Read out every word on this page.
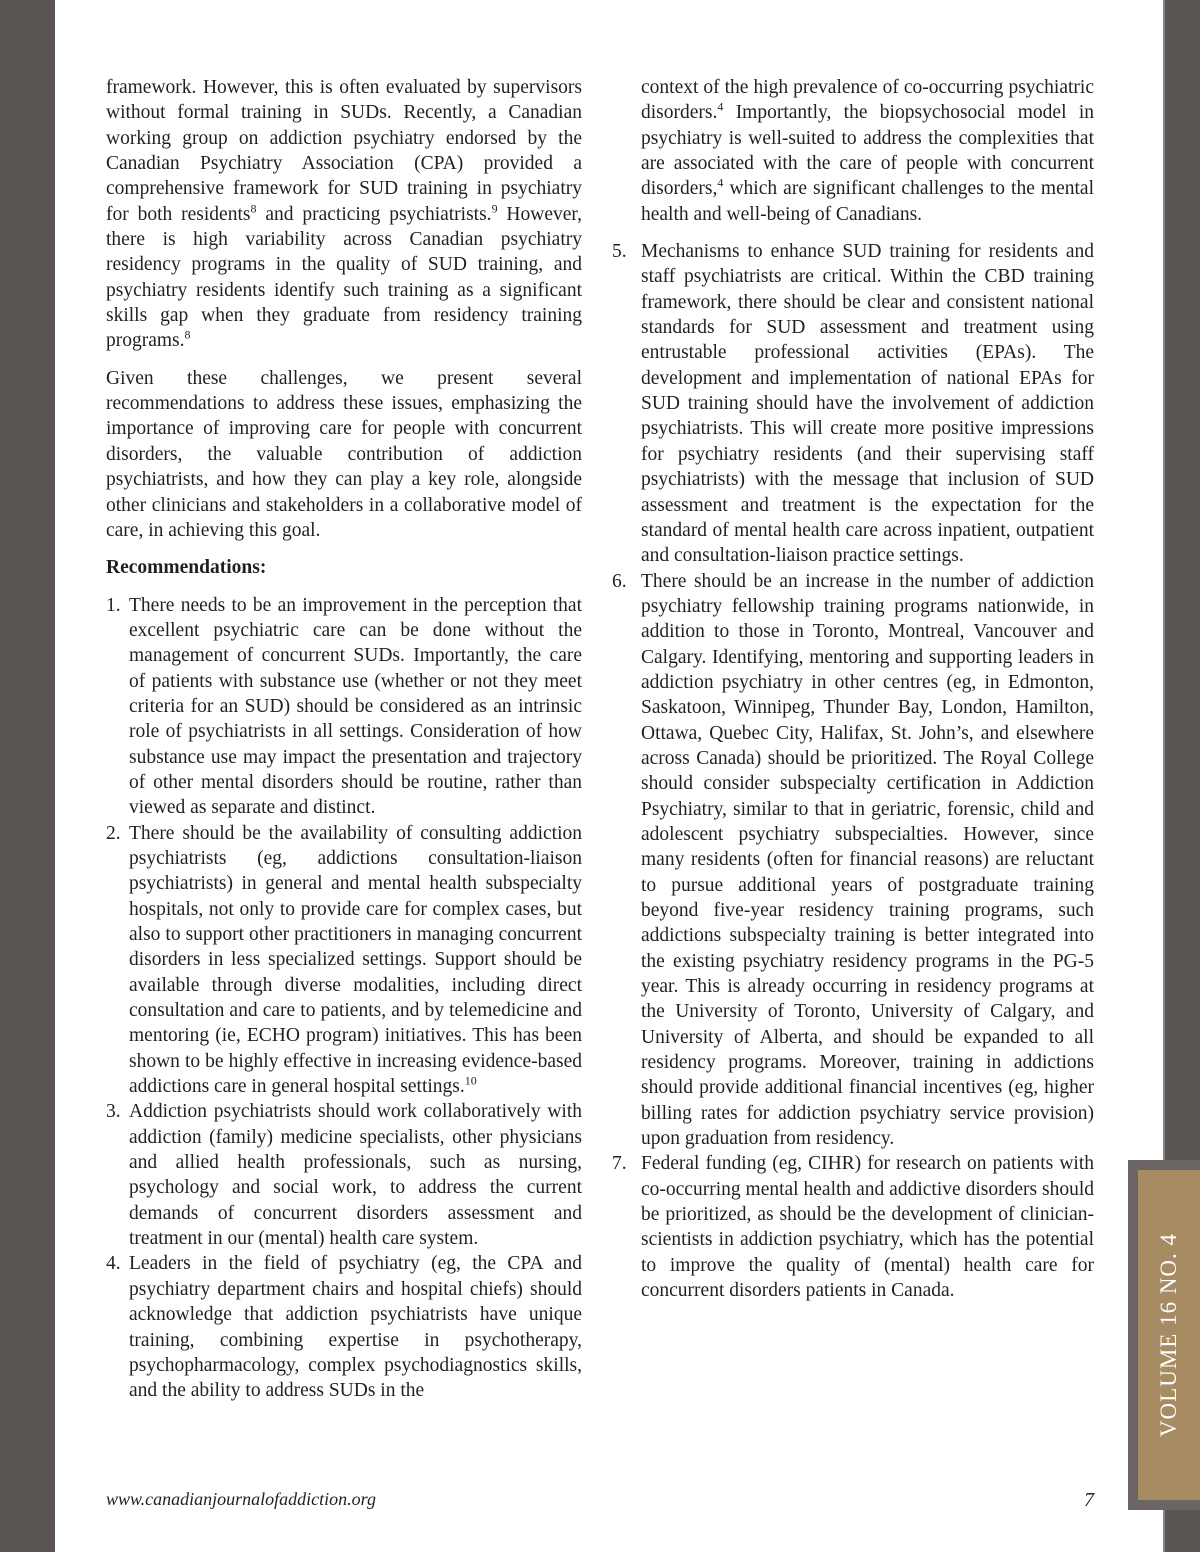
VOLUME 16 NO. 4

framework. However, this is often evaluated by supervisors without formal training in SUDs. Recently, a Canadian working group on addiction psychiatry endorsed by the Canadian Psychiatry Association (CPA) provided a comprehensive framework for SUD training in psychiatry for both residents$^8$ and practicing psychiatrists.$^9$ However, there is high variability across Canadian psychiatry residency programs in the quality of SUD training, and psychiatry residents identify such training as a significant skills gap when they graduate from residency training programs.$^8$

Given these challenges, we present several recommendations to address these issues, emphasizing the importance of improving care for people with concurrent disorders, the valuable contribution of addiction psychiatrists, and how they can play a key role, alongside other clinicians and stakeholders in a collaborative model of care, in achieving this goal.

Recommendations:

1. There needs to be an improvement in the perception that excellent psychiatric care can be done without the management of concurrent SUDs. Importantly, the care of patients with substance use (whether or not they meet criteria for an SUD) should be considered as an intrinsic role of psychiatrists in all settings. Consideration of how substance use may impact the presentation and trajectory of other mental disorders should be routine, rather than viewed as separate and distinct.
2. There should be the availability of consulting addiction psychiatrists (eg, addictions consultation-liaison psychiatrists) in general and mental health subspecialty hospitals, not only to provide care for complex cases, but also to support other practitioners in managing concurrent disorders in less specialized settings. Support should be available through diverse modalities, including direct consultation and care to patients, and by telemedicine and mentoring (ie, ECHO program) initiatives. This has been shown to be highly effective in increasing evidence-based addictions care in general hospital settings.$^{10}$
3. Addiction psychiatrists should work collaboratively with addiction (family) medicine specialists, other physicians and allied health professionals, such as nursing, psychology and social work, to address the current demands of concurrent disorders assessment and treatment in our (mental) health care system.
4. Leaders in the field of psychiatry (eg, the CPA and psychiatry department chairs and hospital chiefs) should acknowledge that addiction psychiatrists have unique training, combining expertise in psychotherapy, psychopharmacology, complex psychodiagnostics skills, and the ability to address SUDs in the

context of the high prevalence of co-occurring psychiatric disorders.$^4$ Importantly, the biopsychosocial model in psychiatry is well-suited to address the complexities that are associated with the care of people with concurrent disorders,$^4$ which are significant challenges to the mental health and well-being of Canadians.

5. Mechanisms to enhance SUD training for residents and staff psychiatrists are critical. Within the CBD training framework, there should be clear and consistent national standards for SUD assessment and treatment using entrustable professional activities (EPAs). The development and implementation of national EPAs for SUD training should have the involvement of addiction psychiatrists. This will create more positive impressions for psychiatry residents (and their supervising staff psychiatrists) with the message that inclusion of SUD assessment and treatment is the expectation for the standard of mental health care across inpatient, outpatient and consultation-liaison practice settings.
6. There should be an increase in the number of addiction psychiatry fellowship training programs nationwide, in addition to those in Toronto, Montreal, Vancouver and Calgary. Identifying, mentoring and supporting leaders in addiction psychiatry in other centres (eg, in Edmonton, Saskatoon, Winnipeg, Thunder Bay, London, Hamilton, Ottawa, Quebec City, Halifax, St. John’s, and elsewhere across Canada) should be prioritized. The Royal College should consider subspecialty certification in Addiction Psychiatry, similar to that in geriatric, forensic, child and adolescent psychiatry subspecialties. However, since many residents (often for financial reasons) are reluctant to pursue additional years of postgraduate training beyond five-year residency training programs, such addictions subspecialty training is better integrated into the existing psychiatry residency programs in the PG-5 year. This is already occurring in residency programs at the University of Toronto, University of Calgary, and University of Alberta, and should be expanded to all residency programs. Moreover, training in addictions should provide additional financial incentives (eg, higher billing rates for addiction psychiatry service provision) upon graduation from residency.
7. Federal funding (eg, CIHR) for research on patients with co-occurring mental health and addictive disorders should be prioritized, as should be the development of clinician-scientists in addiction psychiatry, which has the potential to improve the quality of (mental) health care for concurrent disorders patients in Canada.
www.canadianjournalofaddiction.org	7
